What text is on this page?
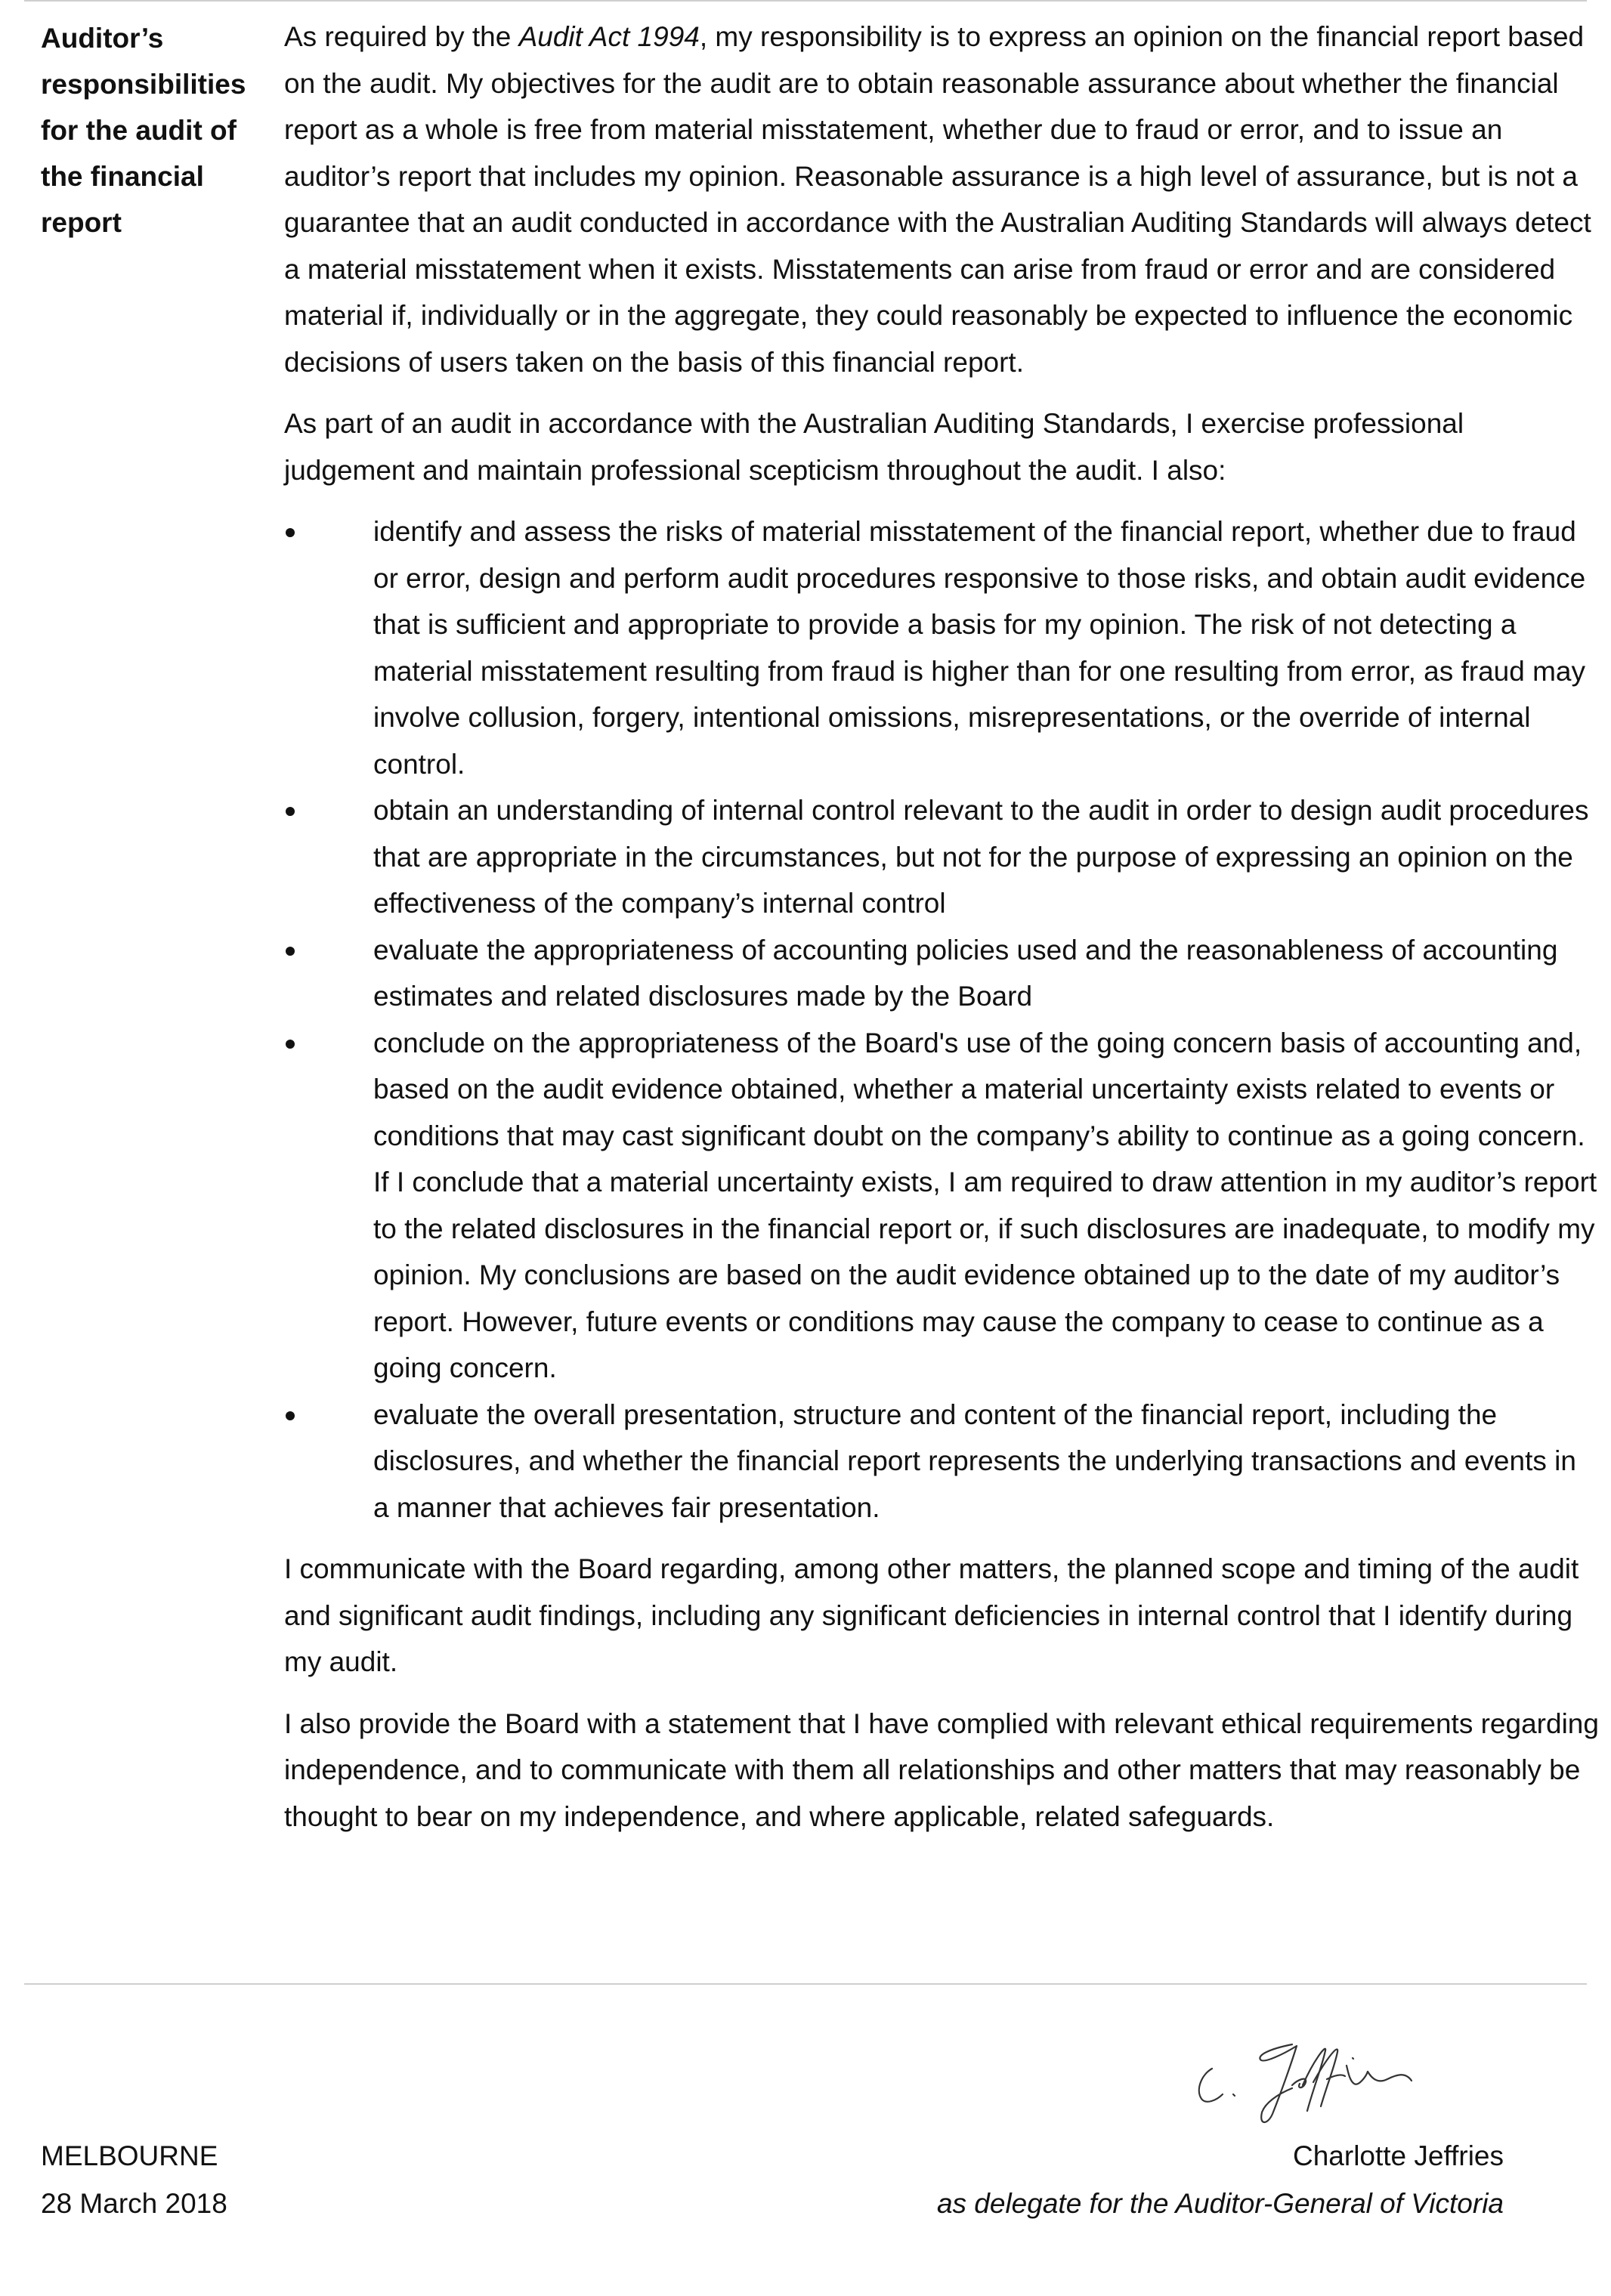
Auditor’s responsibilities for the audit of the financial report

As required by the Audit Act 1994, my responsibility is to express an opinion on the financial report based on the audit. My objectives for the audit are to obtain reasonable assurance about whether the financial report as a whole is free from material misstatement, whether due to fraud or error, and to issue an auditor’s report that includes my opinion. Reasonable assurance is a high level of assurance, but is not a guarantee that an audit conducted in accordance with the Australian Auditing Standards will always detect a material misstatement when it exists. Misstatements can arise from fraud or error and are considered material if, individually or in the aggregate, they could reasonably be expected to influence the economic decisions of users taken on the basis of this financial report.

As part of an audit in accordance with the Australian Auditing Standards, I exercise professional judgement and maintain professional scepticism throughout the audit. I also:

identify and assess the risks of material misstatement of the financial report, whether due to fraud or error, design and perform audit procedures responsive to those risks, and obtain audit evidence that is sufficient and appropriate to provide a basis for my opinion. The risk of not detecting a material misstatement resulting from fraud is higher than for one resulting from error, as fraud may involve collusion, forgery, intentional omissions, misrepresentations, or the override of internal control.
obtain an understanding of internal control relevant to the audit in order to design audit procedures that are appropriate in the circumstances, but not for the purpose of expressing an opinion on the effectiveness of the company’s internal control
evaluate the appropriateness of accounting policies used and the reasonableness of accounting estimates and related disclosures made by the Board
conclude on the appropriateness of the Board's use of the going concern basis of accounting and, based on the audit evidence obtained, whether a material uncertainty exists related to events or conditions that may cast significant doubt on the company’s ability to continue as a going concern. If I conclude that a material uncertainty exists, I am required to draw attention in my auditor’s report to the related disclosures in the financial report or, if such disclosures are inadequate, to modify my opinion. My conclusions are based on the audit evidence obtained up to the date of my auditor’s report. However, future events or conditions may cause the company to cease to continue as a going concern.
evaluate the overall presentation, structure and content of the financial report, including the disclosures, and whether the financial report represents the underlying transactions and events in a manner that achieves fair presentation.

I communicate with the Board regarding, among other matters, the planned scope and timing of the audit and significant audit findings, including any significant deficiencies in internal control that I identify during my audit.

I also provide the Board with a statement that I have complied with relevant ethical requirements regarding independence, and to communicate with them all relationships and other matters that may reasonably be thought to bear on my independence, and where applicable, related safeguards.

MELBOURNE
28 March 2018
Charlotte Jeffries
as delegate for the Auditor-General of Victoria
